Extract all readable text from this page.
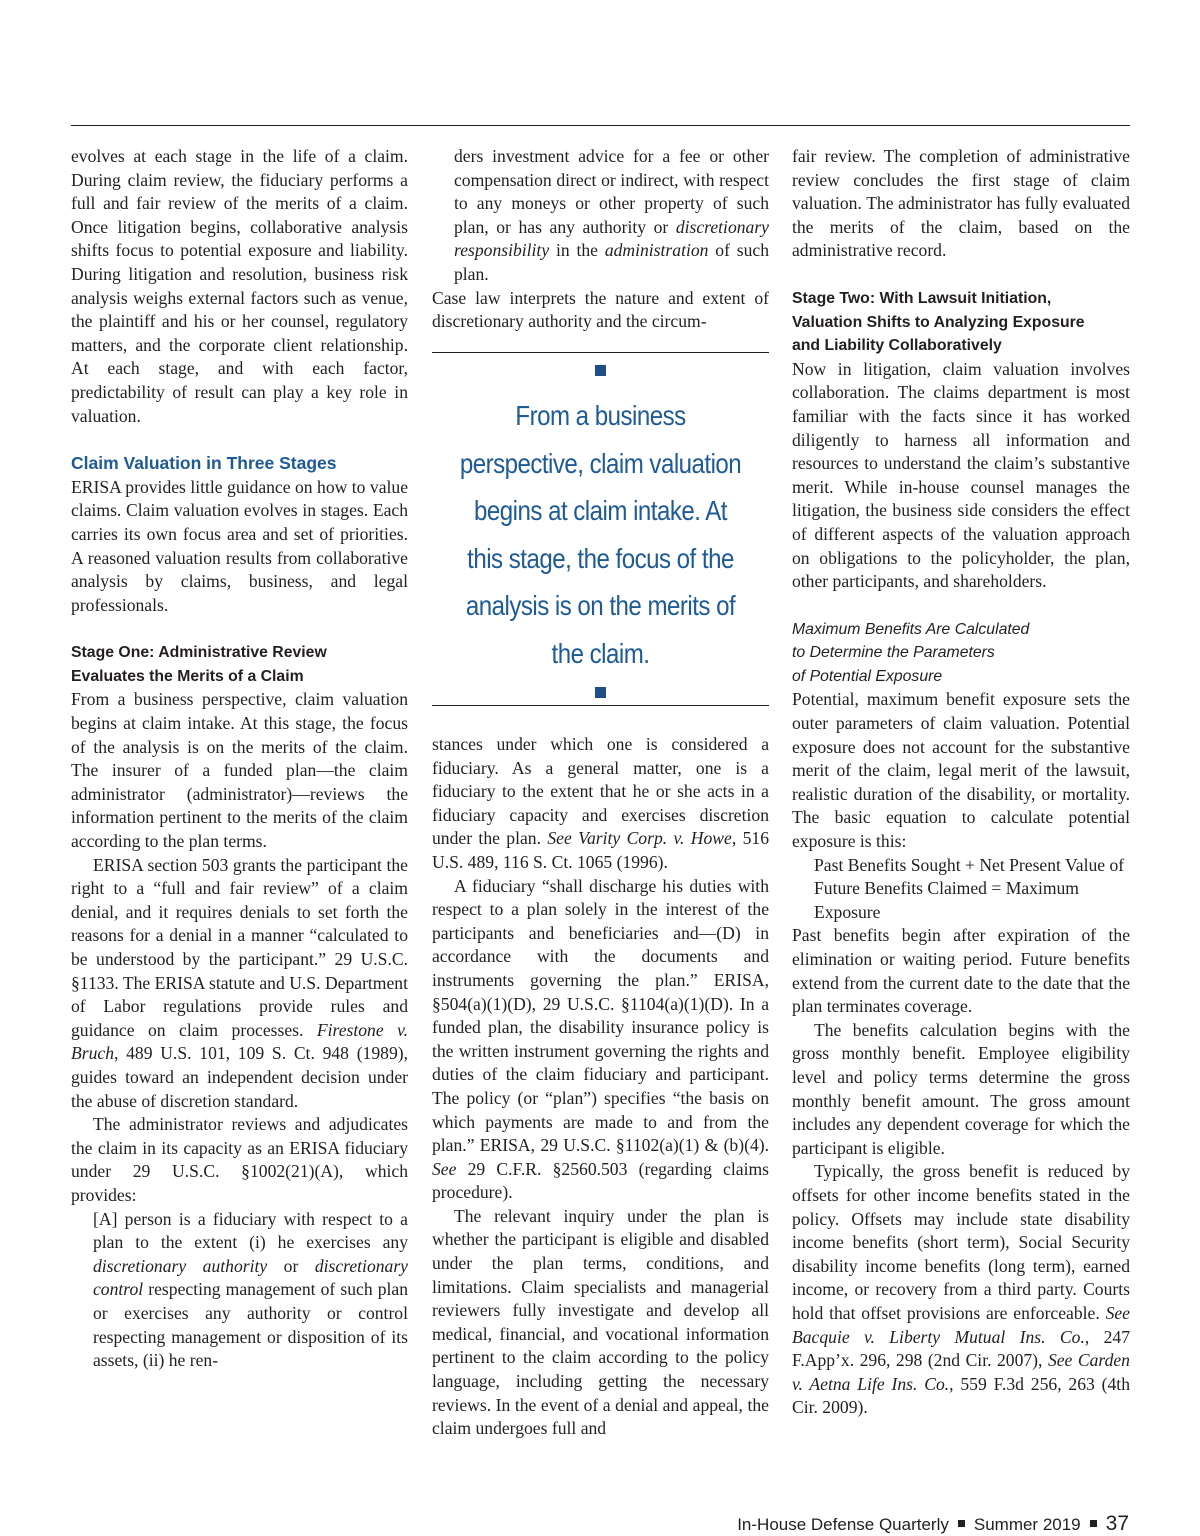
evolves at each stage in the life of a claim. During claim review, the fiduciary performs a full and fair review of the merits of a claim. Once litigation begins, collaborative analysis shifts focus to potential exposure and liability. During litigation and resolution, business risk analysis weighs external factors such as venue, the plaintiff and his or her counsel, regulatory matters, and the corporate client relationship. At each stage, and with each factor, predictability of result can play a key role in valuation.

Claim Valuation in Three Stages

ERISA provides little guidance on how to value claims. Claim valuation evolves in stages. Each carries its own focus area and set of priorities. A reasoned valuation results from collaborative analysis by claims, business, and legal professionals.

Stage One: Administrative Review
Evaluates the Merits of a Claim

From a business perspective, claim valuation begins at claim intake. At this stage, the focus of the analysis is on the merits of the claim. The insurer of a funded plan—the claim administrator (administrator)—reviews the information pertinent to the merits of the claim according to the plan terms.

ERISA section 503 grants the participant the right to a “full and fair review” of a claim denial, and it requires denials to set forth the reasons for a denial in a manner “calculated to be understood by the participant.” 29 U.S.C. §1133. The ERISA statute and U.S. Department of Labor regulations provide rules and guidance on claim processes. Firestone v. Bruch, 489 U.S. 101, 109 S. Ct. 948 (1989), guides toward an independent decision under the abuse of discretion standard.

The administrator reviews and adjudicates the claim in its capacity as an ERISA fiduciary under 29 U.S.C. §1002(21)(A), which provides:

[A] person is a fiduciary with respect to a plan to the extent (i) he exercises any discretionary authority or discretionary control respecting management of such plan or exercises any authority or control respecting management or disposition of its assets, (ii) he ren-

ders investment advice for a fee or other compensation direct or indirect, with respect to any moneys or other property of such plan, or has any authority or discretionary responsibility in the administration of such plan.

Case law interprets the nature and extent of discretionary authority and the circum-

From a business perspective, claim valuation begins at claim intake. At this stage, the focus of the analysis is on the merits of the claim.

stances under which one is considered a fiduciary. As a general matter, one is a fiduciary to the extent that he or she acts in a fiduciary capacity and exercises discretion under the plan. See Varity Corp. v. Howe, 516 U.S. 489, 116 S. Ct. 1065 (1996).

A fiduciary “shall discharge his duties with respect to a plan solely in the interest of the participants and beneficiaries and—(D) in accordance with the documents and instruments governing the plan.” ERISA, §504(a)(1)(D), 29 U.S.C. §1104(a)(1)(D). In a funded plan, the disability insurance policy is the written instrument governing the rights and duties of the claim fiduciary and participant. The policy (or “plan”) specifies “the basis on which payments are made to and from the plan.” ERISA, 29 U.S.C. §1102(a)(1) & (b)(4). See 29 C.F.R. §2560.503 (regarding claims procedure).

The relevant inquiry under the plan is whether the participant is eligible and disabled under the plan terms, conditions, and limitations. Claim specialists and managerial reviewers fully investigate and develop all medical, financial, and vocational information pertinent to the claim according to the policy language, including getting the necessary reviews. In the event of a denial and appeal, the claim undergoes full and

fair review. The completion of administrative review concludes the first stage of claim valuation. The administrator has fully evaluated the merits of the claim, based on the administrative record.

Stage Two: With Lawsuit Initiation,
Valuation Shifts to Analyzing Exposure
and Liability Collaboratively

Now in litigation, claim valuation involves collaboration. The claims department is most familiar with the facts since it has worked diligently to harness all information and resources to understand the claim’s substantive merit. While in-house counsel manages the litigation, the business side considers the effect of different aspects of the valuation approach on obligations to the policyholder, the plan, other participants, and shareholders.

Maximum Benefits Are Calculated
to Determine the Parameters
of Potential Exposure

Potential, maximum benefit exposure sets the outer parameters of claim valuation. Potential exposure does not account for the substantive merit of the claim, legal merit of the lawsuit, realistic duration of the disability, or mortality. The basic equation to calculate potential exposure is this:

Past Benefits Sought + Net Present Value of Future Benefits Claimed = Maximum Exposure

Past benefits begin after expiration of the elimination or waiting period. Future benefits extend from the current date to the date that the plan terminates coverage.

The benefits calculation begins with the gross monthly benefit. Employee eligibility level and policy terms determine the gross monthly benefit amount. The gross amount includes any dependent coverage for which the participant is eligible.

Typically, the gross benefit is reduced by offsets for other income benefits stated in the policy. Offsets may include state disability income benefits (short term), Social Security disability income benefits (long term), earned income, or recovery from a third party. Courts hold that offset provisions are enforceable. See Bacquie v. Liberty Mutual Ins. Co., 247 F.App’x. 296, 298 (2nd Cir. 2007), See Carden v. Aetna Life Ins. Co., 559 F.3d 256, 263 (4th Cir. 2009).

In-House Defense Quarterly Summer 2019 37
